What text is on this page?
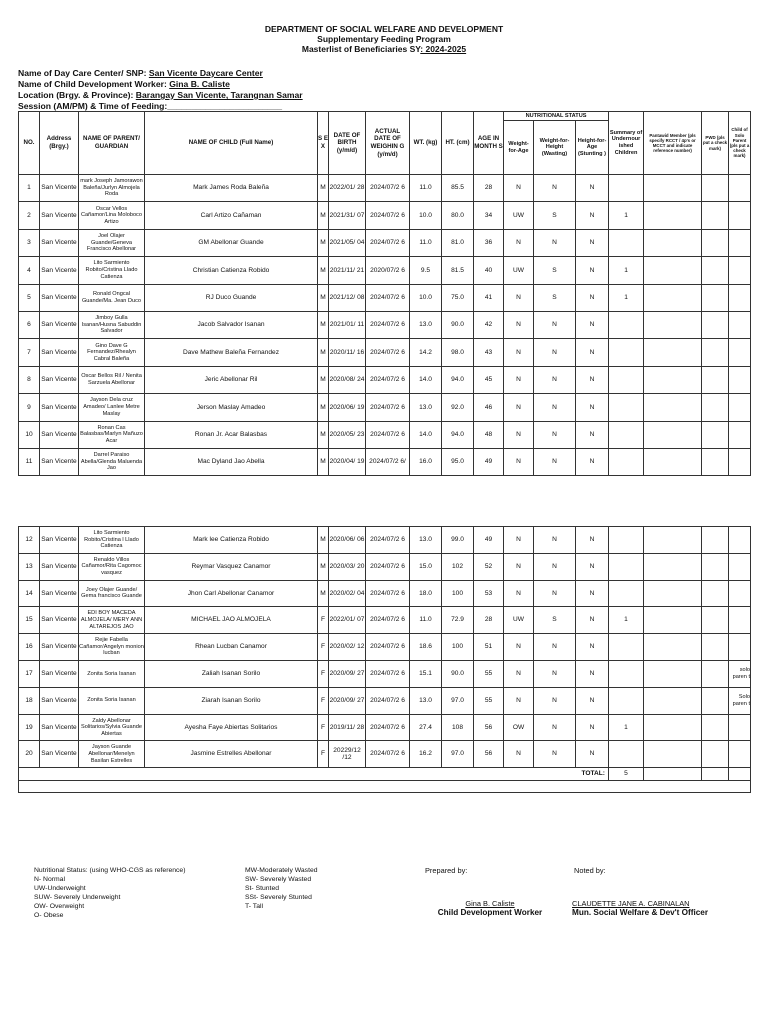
DEPARTMENT OF SOCIAL WELFARE AND DEVELOPMENT
Supplementary Feeding Program
Masterlist of Beneficiaries SY: 2024-2025
Name of Day Care Center/ SNP: San Vicente Daycare Center
Name of Child Development Worker: Gina B. Caliste
Location (Brgy. & Province): Barangay San Vicente, Tarangnan Samar
Session (AM/PM) & Time of Feeding:________________________
NO.	Address (Brgy.)	NAME OF PARENT/ GUARDIAN	NAME OF CHILD (Full Name)	S E X	DATE OF BIRTH (y/m/d)	ACTUAL DATE OF WEIGHIN G (y/m/d)	WT. (kg)	HT. (cm)	AGE IN MONTH S	NUTRITIONAL STATUS			Summary of Undernour ished Children	Pantawid Member (pls specify RCCT / 4p's or MCCT and indicate reference number)	PWD (pls put a check mark)	Child of Solo Parent (pls put a check mark)
										Weight-for-Age	Weight-for-Height (Wasting)	Height-for-Age (Stunting )				
1	San Vicente	mark Joseph Jamorawon Baleña/Jurlyn Almojela Roda	Mark James Roda Baleña	M	2022/01/ 28	2024/07/2 6	11.0	85.5	28	N	N	N				
2	San Vicente	Oscar Vellos Cañamor/Lina Moloboco Artizo	Carl Artizo Cañaman	M	2021/31/ 07	2024/07/2 6	10.0	80.0	34	UW	S	N	1			
3	San Vicente	Joel Olajer Guande/Geneva Francisco Abellonar	GM Abellonar Guande	M	2021/05/ 04	2024/07/2 6	11.0	81.0	36	N	N	N				
4	San Vicente	Lito Sarmiento Robito/Cristina Llado Catienza	Christian Catienza Robido	M	2021/11/ 21	2020/07/2 6	9.5	81.5	40	UW	S	N	1			
5	San Vicente	Ronald Ongcal Guande/Ma. Jean Duco	RJ Duco Guande	M	2021/12/ 08	2024/07/2 6	10.0	75.0	41	N	S	N	1			
6	San Vicente	Jimboy Gulla Isanan/Husna Sabuddin Salvador	Jacob Salvador Isanan	M	2021/01/ 11	2024/07/2 6	13.0	90.0	42	N	N	N				
7	San Vicente	Gino Dave G Fernandez/Rhealyn Cabral Baleña	Dave Mathew Baleña Fernandez	M	2020/11/ 16	2024/07/2 6	14.2	98.0	43	N	N	N				
8	San Vicente	Oscar Bellos Ril / Nenita Sarzuela Abellonar	Jeric Abellonar Ril	M	2020/08/ 24	2024/07/2 6	14.0	94.0	45	N	N	N				
9	San Vicente	Jayson Dela cruz Amadeo/ Lanlee Metre Maslay	Jerson Maslay Amadeo	M	2020/06/ 19	2024/07/2 6	13.0	92.0	46	N	N	N				
10	San Vicente	Ronan Cas Balasbas/Marlyn Mañuzo Acar	Ronan Jr. Acar Balasbas	M	2020/05/ 23	2024/07/2 6	14.0	94.0	48	N	N	N				
11	San Vicente	Darrel Paraiso Abella/Glenda Maluenda Jao	Mac Dyland Jao Abella	M	2020/04/ 19	2024/07/2 6/	16.0	95.0	49	N	N	N				
12	San Vicente	Lito Sarmiento Robito/Cristina l Llado Catienza	Mark lee Catienza Robido	M	2020/06/ 06	2024/07/2 6	13.0	99.0	49	N	N	N				
13	San Vicente	Renaldo Villos Cañamor/Rita Cagomoc vasquez	Reymar Vasquez Canamor	M	2020/03/ 20	2024/07/2 6	15.0	102	52	N	N	N				
14	San Vicente	Joey Olajer Guande/ Gema francisco Guande	Jhon Carl Abellonar Canamor	M	2020/02/ 04	2024/07/2 6	18.0	100	53	N	N	N				
15	San Vicente	EDI BOY MACEDA ALMOJELA/ MERY ANN ALTAREJOS JAO	MICHAEL JAO ALMOJELA	F	2022/01/ 07	2024/07/2 6	11.0	72.9	28	UW	S	N	1			
16	San Vicente	Rejie Fabella Cañamor/Angelyn monion lucban	Rhean Lucban Canamor	F	2020/02/ 12	2024/07/2 6	18.6	100	51	N	N	N				
17	San Vicente	Zonita Soria Isanan	Zaliah Isanan Sorilo	F	2020/09/ 27	2024/07/2 6	15.1	90.0	55	N	N	N				solo paren t
18	San Vicente	Zonita Soria Isanan	Ziarah Isanan Sorilo	F	2020/09/ 27	2024/07/2 6	13.0	97.0	55	N	N	N				Solo paren t
19	San Vicente	Zaldy Abellonar Solitarios/Sylvia Guande Abiertas	Ayesha Faye Abiertas Solitarios	F	2019/11/ 28	2024/07/2 6	27.4	108	56	OW	N	N	1			
20	San Vicente	Jayson Guande Abellonar/Menelyn Basilan Estrelles	Jasmine Estrelles Abellonar	F	20229/12 /12	2024/07/2 6	16.2	97.0	56	N	N	N				
TOTAL:													5			

Nutritional Status: (using WHO-CGS as reference)
N- Normal
UW-Underweight
SUW- Severely Underweight
OW- Overweight
O- Obese
MW-Moderately Wasted
SW- Severely Wasted
St- Stunted
SSt- Severely Stunted
T- Tall
Prepared by:	Noted by:
Gina B. Caliste
Child Development Worker
CLAUDETTE JANE A. CABINALAN
Mun. Social Welfare & Dev't Officer
